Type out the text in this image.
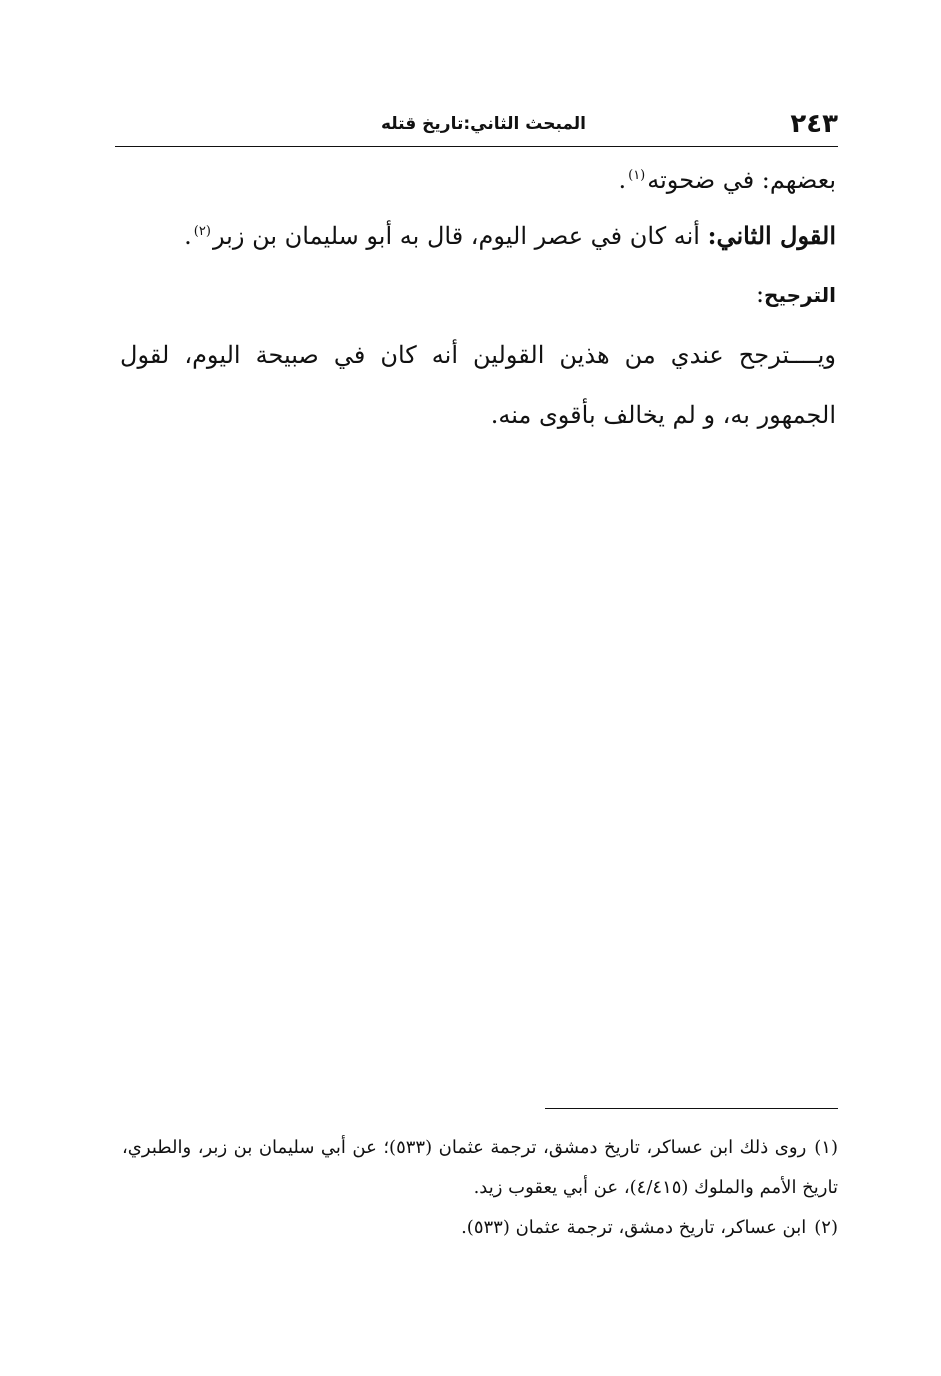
٢٤٣
المبحث الثاني:تاريخ قتله

بعضهم: في ضحوته$^{(١)}$.

القول الثاني: أنه كان في عصر اليوم، قال به أبو سليمان بن زبر$^{(٢)}$.

الترجيح:

ويــــترجح عندي من هذين القولين أنه كان في صبيحة اليوم، لقول الجمهور به، و لم يخالف بأقوى منه.

(١)روى ذلك ابن عساكر، تاريخ دمشق، ترجمة عثمان (٥٣٣)؛ عن أبي سليمان بن زبر، والطبري، تاريخ الأمم والملوك (٤/٤١٥)، عن أبي يعقوب زيد.

(٢)ابن عساكر، تاريخ دمشق، ترجمة عثمان (٥٣٣).
